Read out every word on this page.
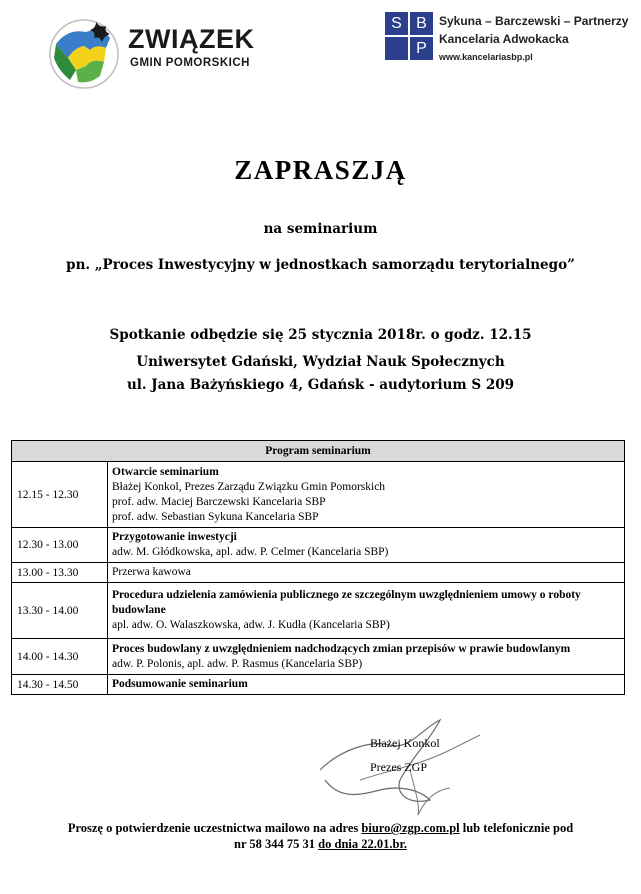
ZWIĄZEK
GMIN POMORSKICH
S B
P
Sykuna – Barczewski – Partnerzy
Kancelaria Adwokacka
www.kancelariasbp.pl
ZAPRASZJĄ
na seminarium
pn. „Proces Inwestycyjny w jednostkach samorządu terytorialnego”
Spotkanie odbędzie się 25 stycznia 2018r. o godz. 12.15
Uniwersytet Gdański, Wydział Nauk Społecznych
ul. Jana Bażyńskiego 4, Gdańsk - audytorium S 209
Program seminarium	
12.15 - 12.30	Otwarcie seminarium
Błażej Konkol, Prezes Zarządu Związku Gmin Pomorskich
prof. adw. Maciej Barczewski Kancelaria SBP
prof. adw. Sebastian Sykuna Kancelaria SBP

12.30 - 13.00	Przygotowanie inwestycji
adw. M. Głódkowska, apl. adw. P. Celmer (Kancelaria SBP)

13.00 - 13.30	Przerwa kawowa

13.30 - 14.00	Procedura udzielenia zamówienia publicznego ze szczególnym uwzględnieniem umowy o roboty budowlane
apl. adw. O. Walaszkowska, adw. J. Kudła (Kancelaria SBP)

14.00 - 14.30	Proces budowlany z uwzględnieniem nadchodzących zmian przepisów w prawie budowlanym
adw. P. Polonis, apl. adw. P. Rasmus (Kancelaria SBP)

14.30 - 14.50	Podsumowanie seminarium
Błażej Konkol
Prezes ZGP
Proszę o potwierdzenie uczestnictwa mailowo na adres biuro@zgp.com.pl lub telefonicznie pod
nr 58 344 75 31 do dnia 22.01.br.
